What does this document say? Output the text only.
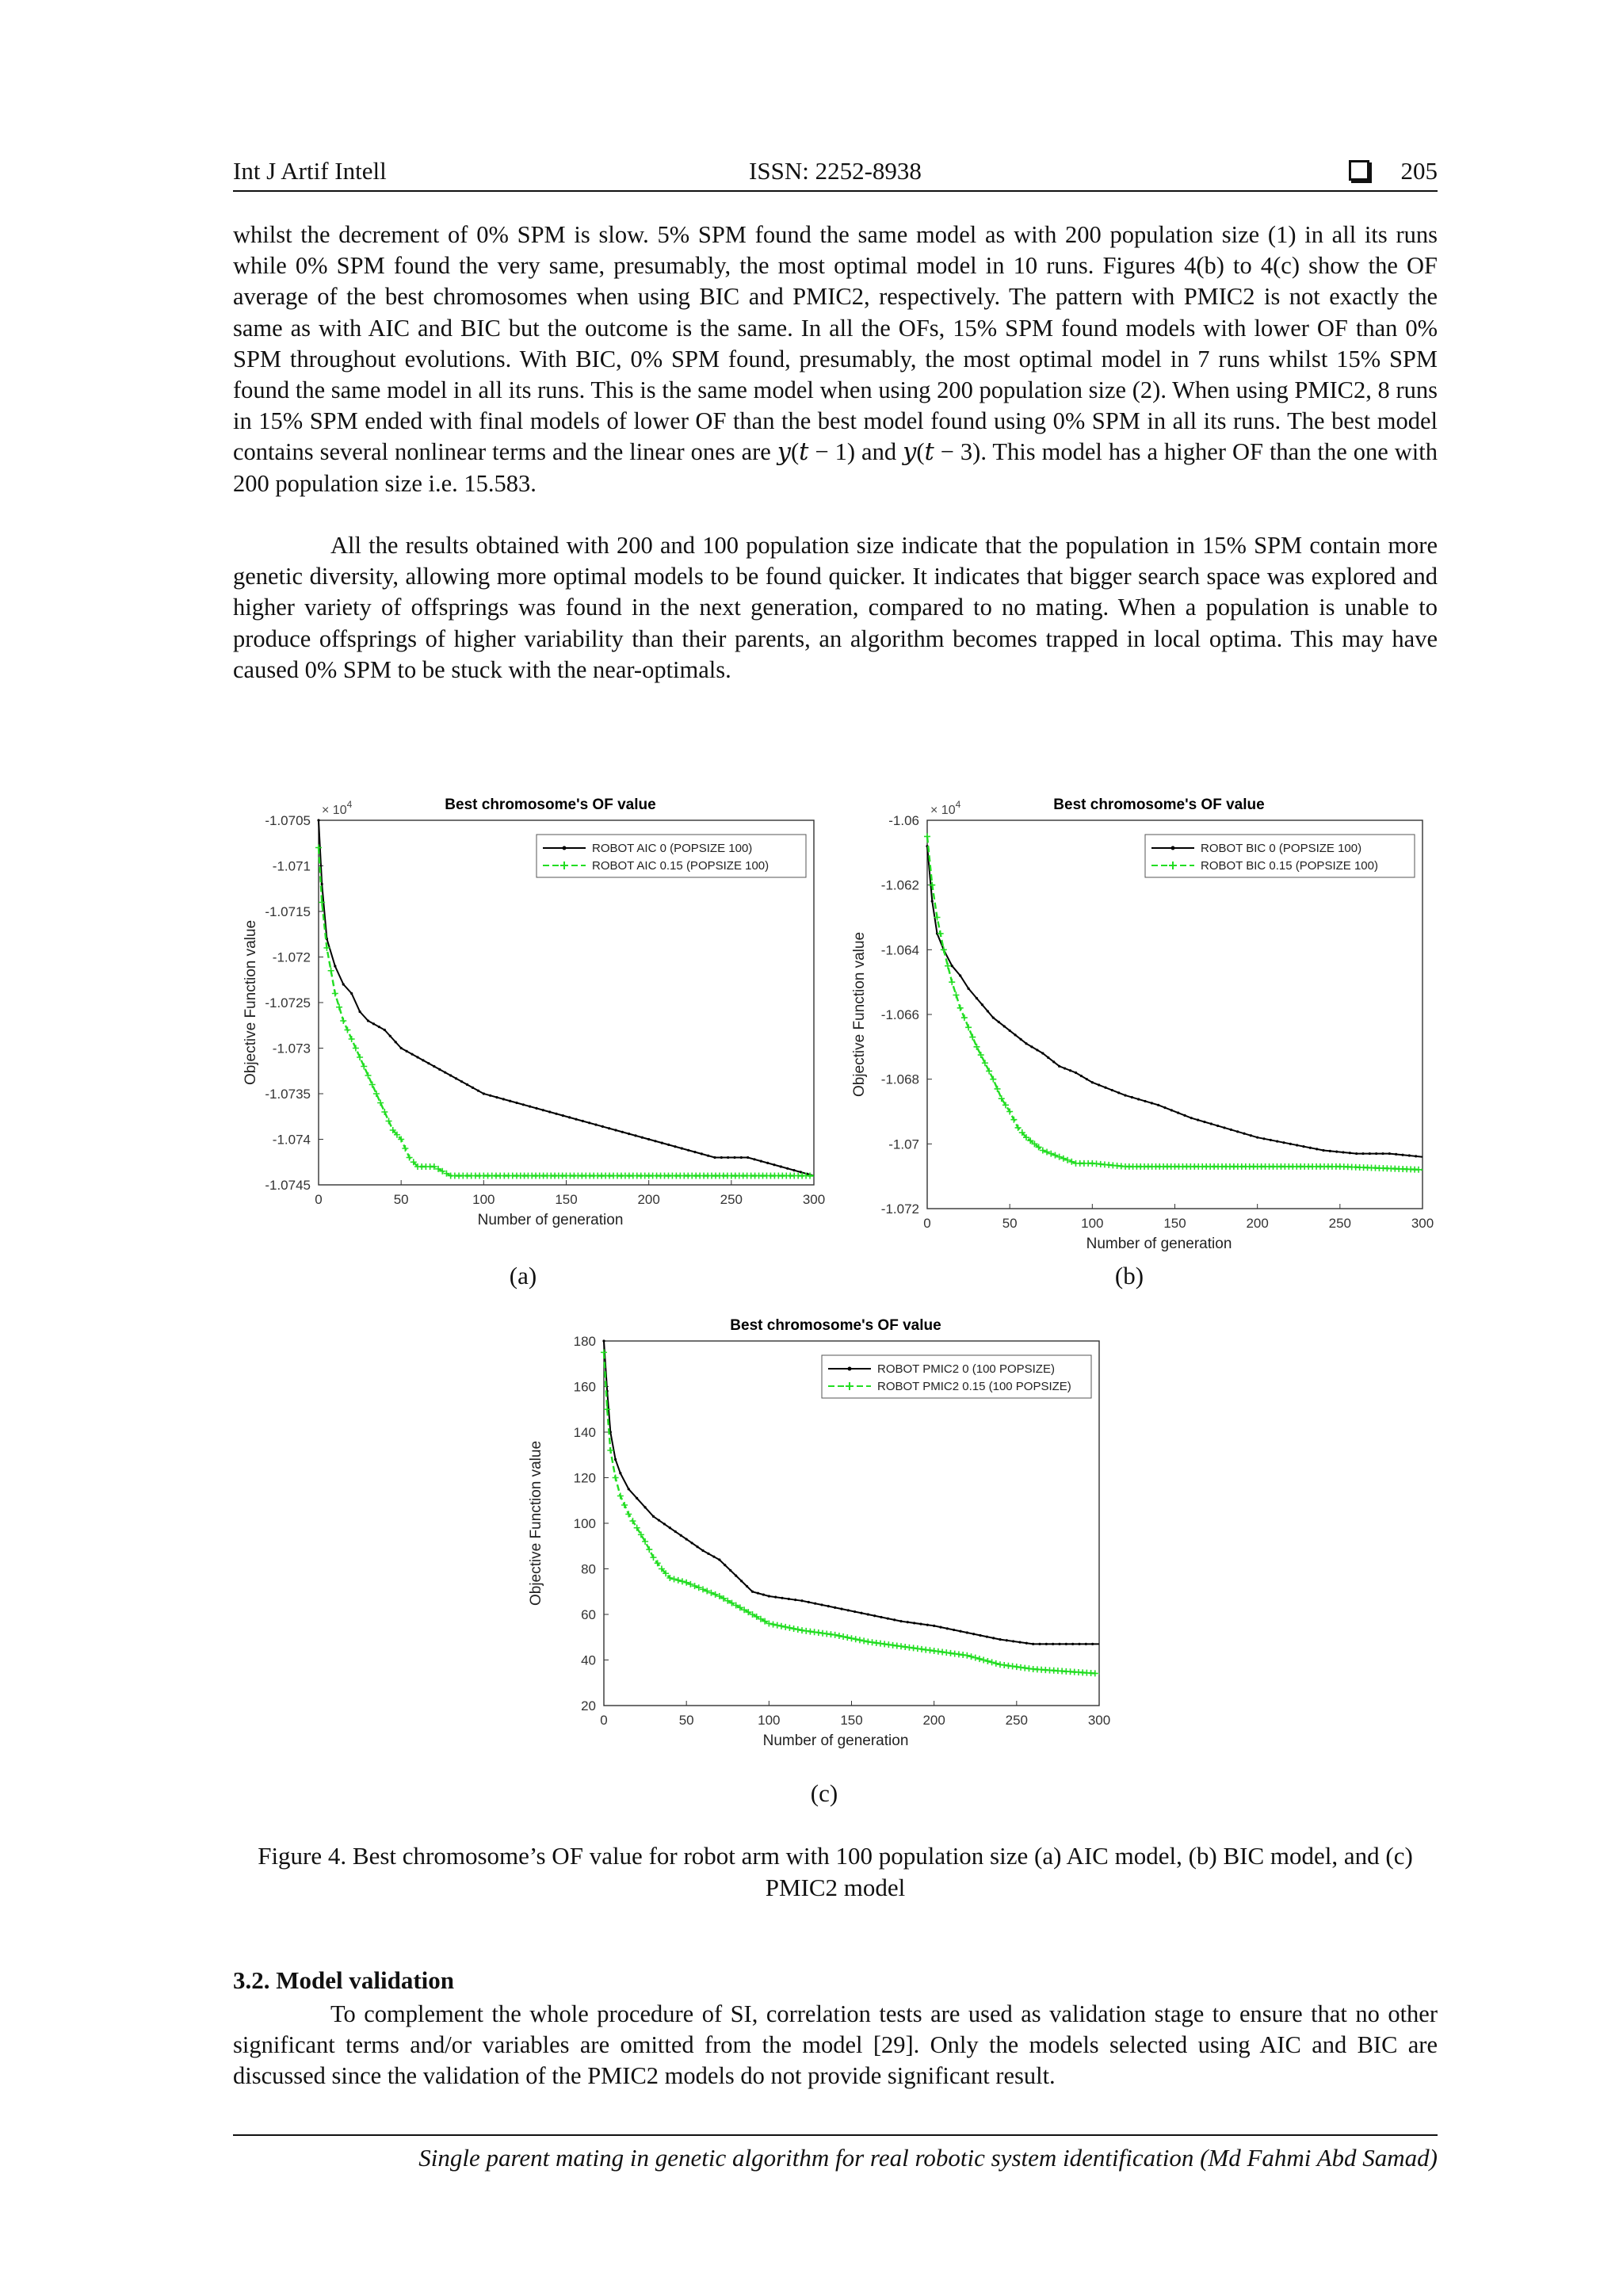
Int J Artif Intell	ISSN: 2252-8938	205

whilst the decrement of 0% SPM is slow. 5% SPM found the same model as with 200 population size (1) in all its runs while 0% SPM found the very same, presumably, the most optimal model in 10 runs. Figures 4(b) to 4(c) show the OF average of the best chromosomes when using BIC and PMIC2, respectively. The pattern with PMIC2 is not exactly the same as with AIC and BIC but the outcome is the same. In all the OFs, 15% SPM found models with lower OF than 0% SPM throughout evolutions. With BIC, 0% SPM found, presumably, the most optimal model in 7 runs whilst 15% SPM found the same model in all its runs. This is the same model when using 200 population size (2). When using PMIC2, 8 runs in 15% SPM ended with final models of lower OF than the best model found using 0% SPM in all its runs. The best model contains several nonlinear terms and the linear ones are 𝑦(𝑡 − 1) and 𝑦(𝑡 − 3). This model has a higher OF than the one with 200 population size i.e. 15.583.

All the results obtained with 200 and 100 population size indicate that the population in 15% SPM contain more genetic diversity, allowing more optimal models to be found quicker. It indicates that bigger search space was explored and higher variety of offsprings was found in the next generation, compared to no mating. When a population is unable to produce offsprings of higher variability than their parents, an algorithm becomes trapped in local optima. This may have caused 0% SPM to be stuck with the near-optimals.

Best chromosome's OF value
× $10^4$
0	50	100	150	200	250	300
-1.0705
-1.071
-1.0715
-1.072
-1.0725
-1.073
-1.0735
-1.074
-1.0745
Number of generation
Objective Function value
ROBOT AIC 0 (POPSIZE 100)
ROBOT AIC 0.15 (POPSIZE 100)
(a)
Best chromosome's OF value
× $10^4$
0	50	100	150	200	250	300
-1.06
-1.062
-1.064
-1.066
-1.068
-1.07
-1.072
Number of generation
Objective Function value
ROBOT BIC 0 (POPSIZE 100)
ROBOT BIC 0.15 (POPSIZE 100)
(b)
Best chromosome's OF value
0	50	100	150	200	250	300
20
40
60
80
100
120
140
160
180
Number of generation
Objective Function value
ROBOT PMIC2 0 (100 POPSIZE)
ROBOT PMIC2 0.15 (100 POPSIZE)
(c)
Figure 4. Best chromosome’s OF value for robot arm with 100 population size (a) AIC model, (b) BIC model, and (c) PMIC2 model
3.2. Model validation

To complement the whole procedure of SI, correlation tests are used as validation stage to ensure that no other significant terms and/or variables are omitted from the model [29]. Only the models selected using AIC and BIC are discussed since the validation of the PMIC2 models do not provide significant result.

Single parent mating in genetic algorithm for real robotic system identification (Md Fahmi Abd Samad)
